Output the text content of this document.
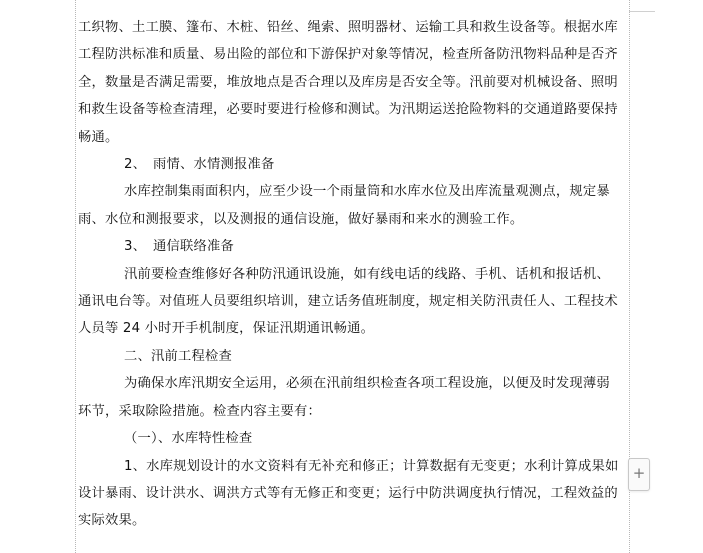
工织物、土工膜、篷布、木桩、铅丝、绳索、照明器材、运输工具和救生设备等。根据水库

工程防洪标准和质量、易出险的部位和下游保护对象等情况，检查所备防汛物料品种是否齐

全，数量是否满足需要，堆放地点是否合理以及库房是否安全等。汛前要对机械设备、照明

和救生设备等检查清理，必要时要进行检修和测试。为汛期运送抢险物料的交通道路要保持

畅通。

2、　雨情、水情测报准备

水库控制集雨面积内，应至少设一个雨量筒和水库水位及出库流量观测点，规定暴

雨、水位和测报要求，以及测报的通信设施，做好暴雨和来水的测验工作。

3、　通信联络准备

汛前要检查维修好各种防汛通讯设施，如有线电话的线路、手机、话机和报话机、

通讯电台等。对值班人员要组织培训，建立话务值班制度，规定相关防汛责任人、工程技术

人员等 24 小时开手机制度，保证汛期通讯畅通。

二、汛前工程检查

为确保水库汛期安全运用，必须在汛前组织检查各项工程设施，以便及时发现薄弱

环节，采取除险措施。检查内容主要有：

（一）、水库特性检查

1、水库规划设计的水文资料有无补充和修正；计算数据有无变更；水利计算成果如

设计暴雨、设计洪水、调洪方式等有无修正和变更；运行中防洪调度执行情况，工程效益的

实际效果。

+
